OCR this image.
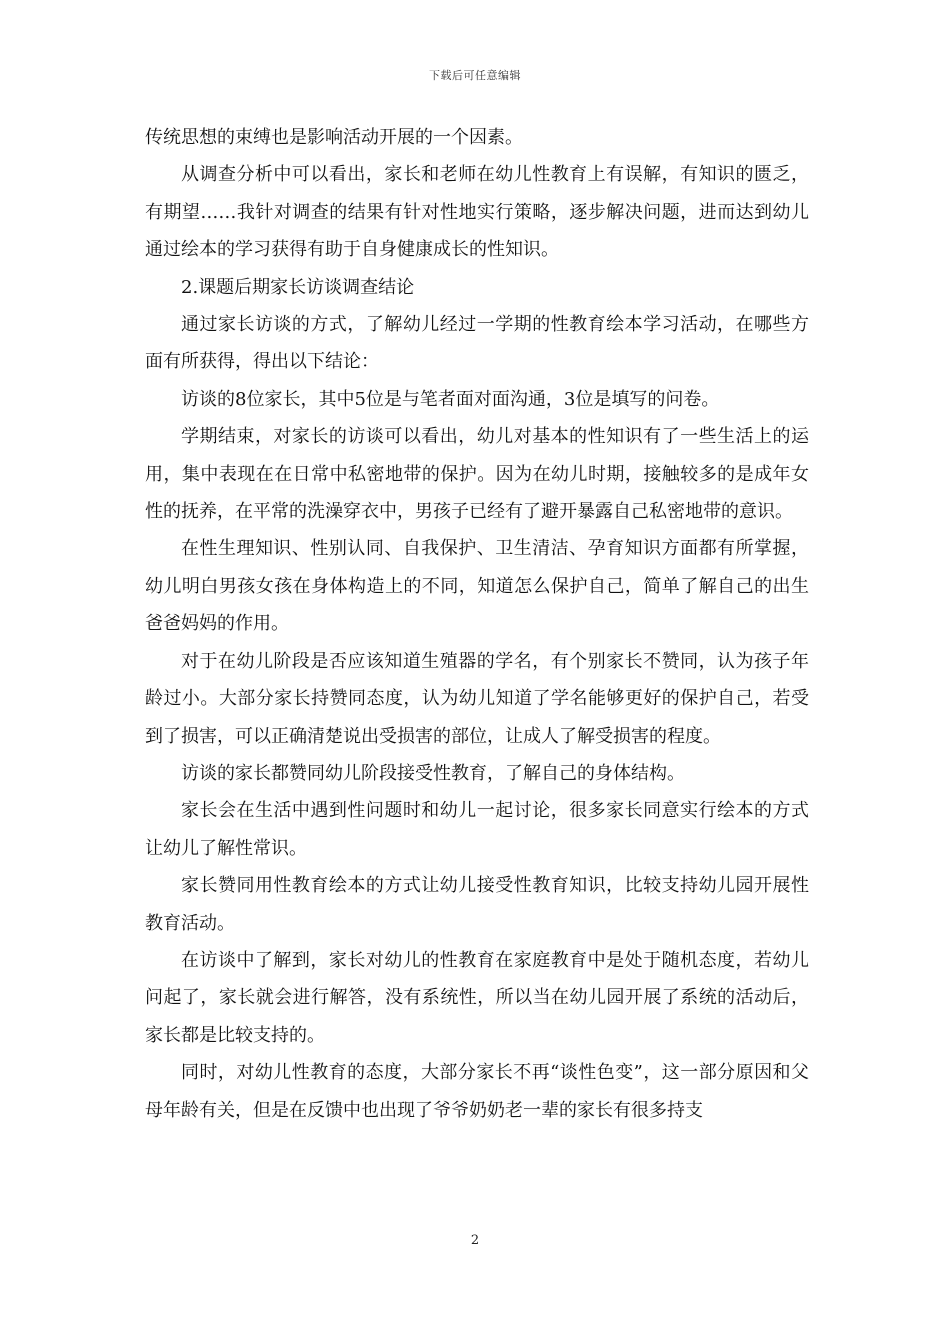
下载后可任意编辑

传统思想的束缚也是影响活动开展的一个因素。

从调查分析中可以看出，家长和老师在幼儿性教育上有误解，有知识的匮乏，有期望……我针对调查的结果有针对性地实行策略，逐步解决问题，进而达到幼儿通过绘本的学习获得有助于自身健康成长的性知识。

2.课题后期家长访谈调查结论

通过家长访谈的方式，了解幼儿经过一学期的性教育绘本学习活动，在哪些方面有所获得，得出以下结论：

访谈的8位家长，其中5位是与笔者面对面沟通，3位是填写的问卷。

学期结束，对家长的访谈可以看出，幼儿对基本的性知识有了一些生活上的运用，集中表现在在日常中私密地带的保护。因为在幼儿时期，接触较多的是成年女性的抚养，在平常的洗澡穿衣中，男孩子已经有了避开暴露自己私密地带的意识。

在性生理知识、性别认同、自我保护、卫生清洁、孕育知识方面都有所掌握，幼儿明白男孩女孩在身体构造上的不同，知道怎么保护自己，简单了解自己的出生爸爸妈妈的作用。

对于在幼儿阶段是否应该知道生殖器的学名，有个别家长不赞同，认为孩子年龄过小。大部分家长持赞同态度，认为幼儿知道了学名能够更好的保护自己，若受到了损害，可以正确清楚说出受损害的部位，让成人了解受损害的程度。

访谈的家长都赞同幼儿阶段接受性教育，了解自己的身体结构。

家长会在生活中遇到性问题时和幼儿一起讨论，很多家长同意实行绘本的方式让幼儿了解性常识。

家长赞同用性教育绘本的方式让幼儿接受性教育知识，比较支持幼儿园开展性教育活动。

在访谈中了解到，家长对幼儿的性教育在家庭教育中是处于随机态度，若幼儿问起了，家长就会进行解答，没有系统性，所以当在幼儿园开展了系统的活动后，家长都是比较支持的。

同时，对幼儿性教育的态度，大部分家长不再“谈性色变”，这一部分原因和父母年龄有关，但是在反馈中也出现了爷爷奶奶老一辈的家长有很多持支

2
